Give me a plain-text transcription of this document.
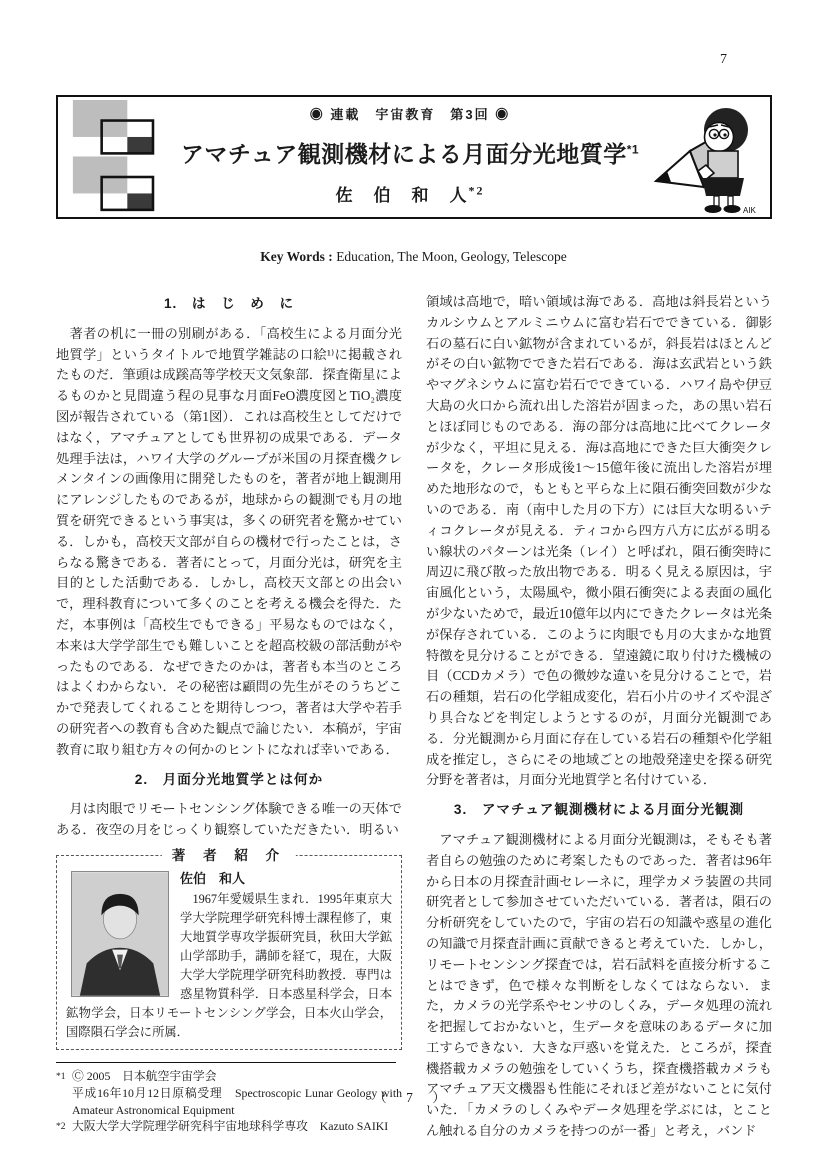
7
◉ 連載　宇宙教育　第3回 ◉
アマチュア観測機材による月面分光地質学$^{*1}$
佐　伯　和　人$^{*2}$
AIK
Key Words : Education, The Moon, Geology, Telescope
1.　は　じ　め　に

　著者の机に一冊の別刷がある．「高校生による月面分光地質学」というタイトルで地質学雑誌の口絵¹⁾に掲載されたものだ．筆頭は成蹊高等学校天文気象部．探査衛星によるものかと見間違う程の見事な月面FeO濃度図とTiO₂濃度図が報告されている（第1図）．これは高校生としてだけではなく，アマチュアとしても世界初の成果である．データ処理手法は，ハワイ大学のグループが米国の月探査機クレメンタインの画像用に開発したものを，著者が地上観測用にアレンジしたものであるが，地球からの観測でも月の地質を研究できるという事実は，多くの研究者を驚かせている．しかも，高校天文部が自らの機材で行ったことは，さらなる驚きである．著者にとって，月面分光は，研究を主目的とした活動である．しかし，高校天文部との出会いで，理科教育について多くのことを考える機会を得た．ただ，本事例は「高校生でもできる」平易なものではなく，本来は大学学部生でも難しいことを超高校級の部活動がやったものである．なぜできたのかは，著者も本当のところはよくわからない．その秘密は顧問の先生がそのうちどこかで発表してくれることを期待しつつ，著者は大学や若手の研究者への教育も含めた観点で論じたい．本稿が，宇宙教育に取り組む方々の何かのヒントになれば幸いである．

2.　月面分光地質学とは何か

　月は肉眼でリモートセンシング体験できる唯一の天体である．夜空の月をじっくり観察していただきたい．明るい

著 者 紹 介
佐伯　和人
　1967年愛媛県生まれ．1995年東京大学大学院理学研究科博士課程修了，東大地質学専攻学振研究員，秋田大学鉱山学部助手，講師を経て，現在，大阪大学大学院理学研究科助教授．専門は惑星物質科学．日本惑星科学会，日本鉱物学会，日本リモートセンシング学会，日本火山学会，国際隕石学会に所属．
*1 Ⓒ 2005　日本航空宇宙学会
平成16年10月12日原稿受理　Spectroscopic Lunar Geology with Amateur Astronomical Equipment
*2 大阪大学大学院理学研究科宇宙地球科学専攻　Kazuto SAIKI

領域は高地で，暗い領域は海である．高地は斜長岩というカルシウムとアルミニウムに富む岩石でできている．御影石の墓石に白い鉱物が含まれているが，斜長岩はほとんどがその白い鉱物でできた岩石である．海は玄武岩という鉄やマグネシウムに富む岩石でできている．ハワイ島や伊豆大島の火口から流れ出した溶岩が固まった，あの黒い岩石とほぼ同じものである．海の部分は高地に比べてクレータが少なく，平坦に見える．海は高地にできた巨大衝突クレータを，クレータ形成後1～15億年後に流出した溶岩が埋めた地形なので，もともと平らな上に隕石衝突回数が少ないのである．南（南中した月の下方）には巨大な明るいティコクレータが見える．ティコから四方八方に広がる明るい線状のパターンは光条（レイ）と呼ばれ，隕石衝突時に周辺に飛び散った放出物である．明るく見える原因は，宇宙風化という，太陽風や，微小隕石衝突による表面の風化が少ないためで，最近10億年以内にできたクレータは光条が保存されている．このように肉眼でも月の大まかな地質特徴を見分けることができる．望遠鏡に取り付けた機械の目（CCDカメラ）で色の微妙な違いを見分けることで，岩石の種類，岩石の化学組成変化，岩石小片のサイズや混ざり具合などを判定しようとするのが，月面分光観測である．分光観測から月面に存在している岩石の種類や化学組成を推定し，さらにその地域ごとの地殻発達史を探る研究分野を著者は，月面分光地質学と名付けている．

3.　アマチュア観測機材による月面分光観測

　アマチュア観測機材による月面分光観測は，そもそも著者自らの勉強のために考案したものであった．著者は96年から日本の月探査計画セレーネに，理学カメラ装置の共同研究者として参加させていただいている．著者は，隕石の分析研究をしていたので，宇宙の岩石の知識や惑星の進化の知識で月探査計画に貢献できると考えていた．しかし，リモートセンシング探査では，岩石試料を直接分析することはできず，色で様々な判断をしなくてはならない．また，カメラの光学系やセンサのしくみ，データ処理の流れを把握しておかないと，生データを意味のあるデータに加工すらできない．大きな戸惑いを覚えた．ところが，探査機搭載カメラの勉強をしていくうち，探査機搭載カメラもアマチュア天文機器も性能にそれほど差がないことに気付いた．「カメラのしくみやデータ処理を学ぶには，とことん触れる自分のカメラを持つのが一番」と考え，バンド

（ 7 ）
